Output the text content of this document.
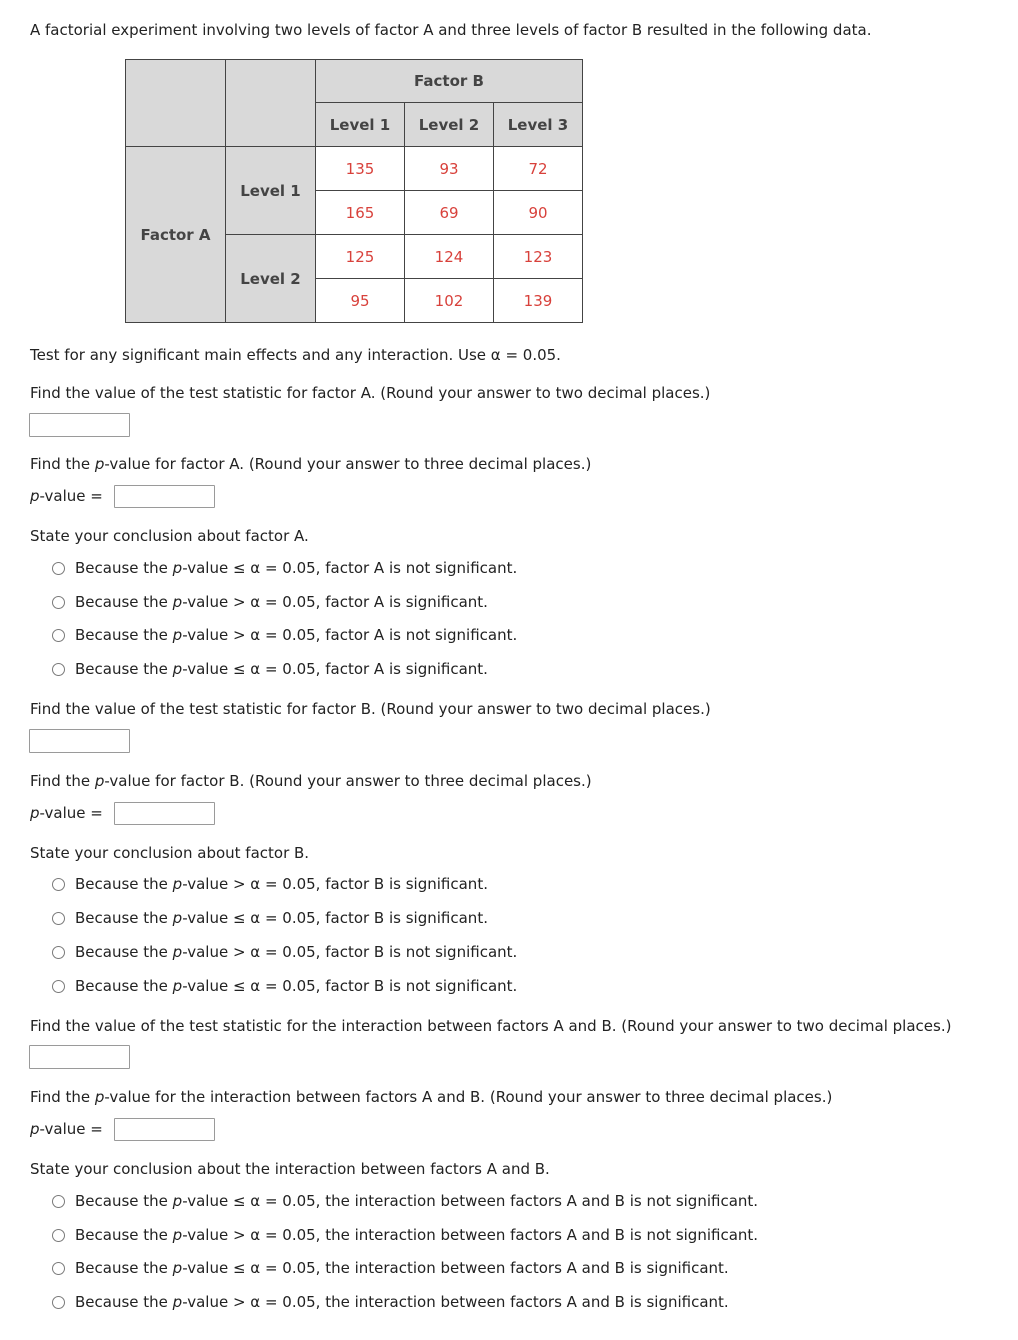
A factorial experiment involving two levels of factor A and three levels of factor B resulted in the following data.
		Factor B		
		Level 1	Level 2	Level 3
Factor A	Level 1	135	93	72
		165	69	90
	Level 2	125	124	123
		95	102	139
Test for any significant main effects and any interaction. Use α = 0.05.
Find the value of the test statistic for factor A. (Round your answer to two decimal places.)
Find the p-value for factor A. (Round your answer to three decimal places.)
p-value =
State your conclusion about factor A.
Because the p-value ≤ α = 0.05, factor A is not significant.
Because the p-value > α = 0.05, factor A is significant.
Because the p-value > α = 0.05, factor A is not significant.
Because the p-value ≤ α = 0.05, factor A is significant.
Find the value of the test statistic for factor B. (Round your answer to two decimal places.)
Find the p-value for factor B. (Round your answer to three decimal places.)
p-value =
State your conclusion about factor B.
Because the p-value > α = 0.05, factor B is significant.
Because the p-value ≤ α = 0.05, factor B is significant.
Because the p-value > α = 0.05, factor B is not significant.
Because the p-value ≤ α = 0.05, factor B is not significant.
Find the value of the test statistic for the interaction between factors A and B. (Round your answer to two decimal places.)
Find the p-value for the interaction between factors A and B. (Round your answer to three decimal places.)
p-value =
State your conclusion about the interaction between factors A and B.
Because the p-value ≤ α = 0.05, the interaction between factors A and B is not significant.
Because the p-value > α = 0.05, the interaction between factors A and B is not significant.
Because the p-value ≤ α = 0.05, the interaction between factors A and B is significant.
Because the p-value > α = 0.05, the interaction between factors A and B is significant.
